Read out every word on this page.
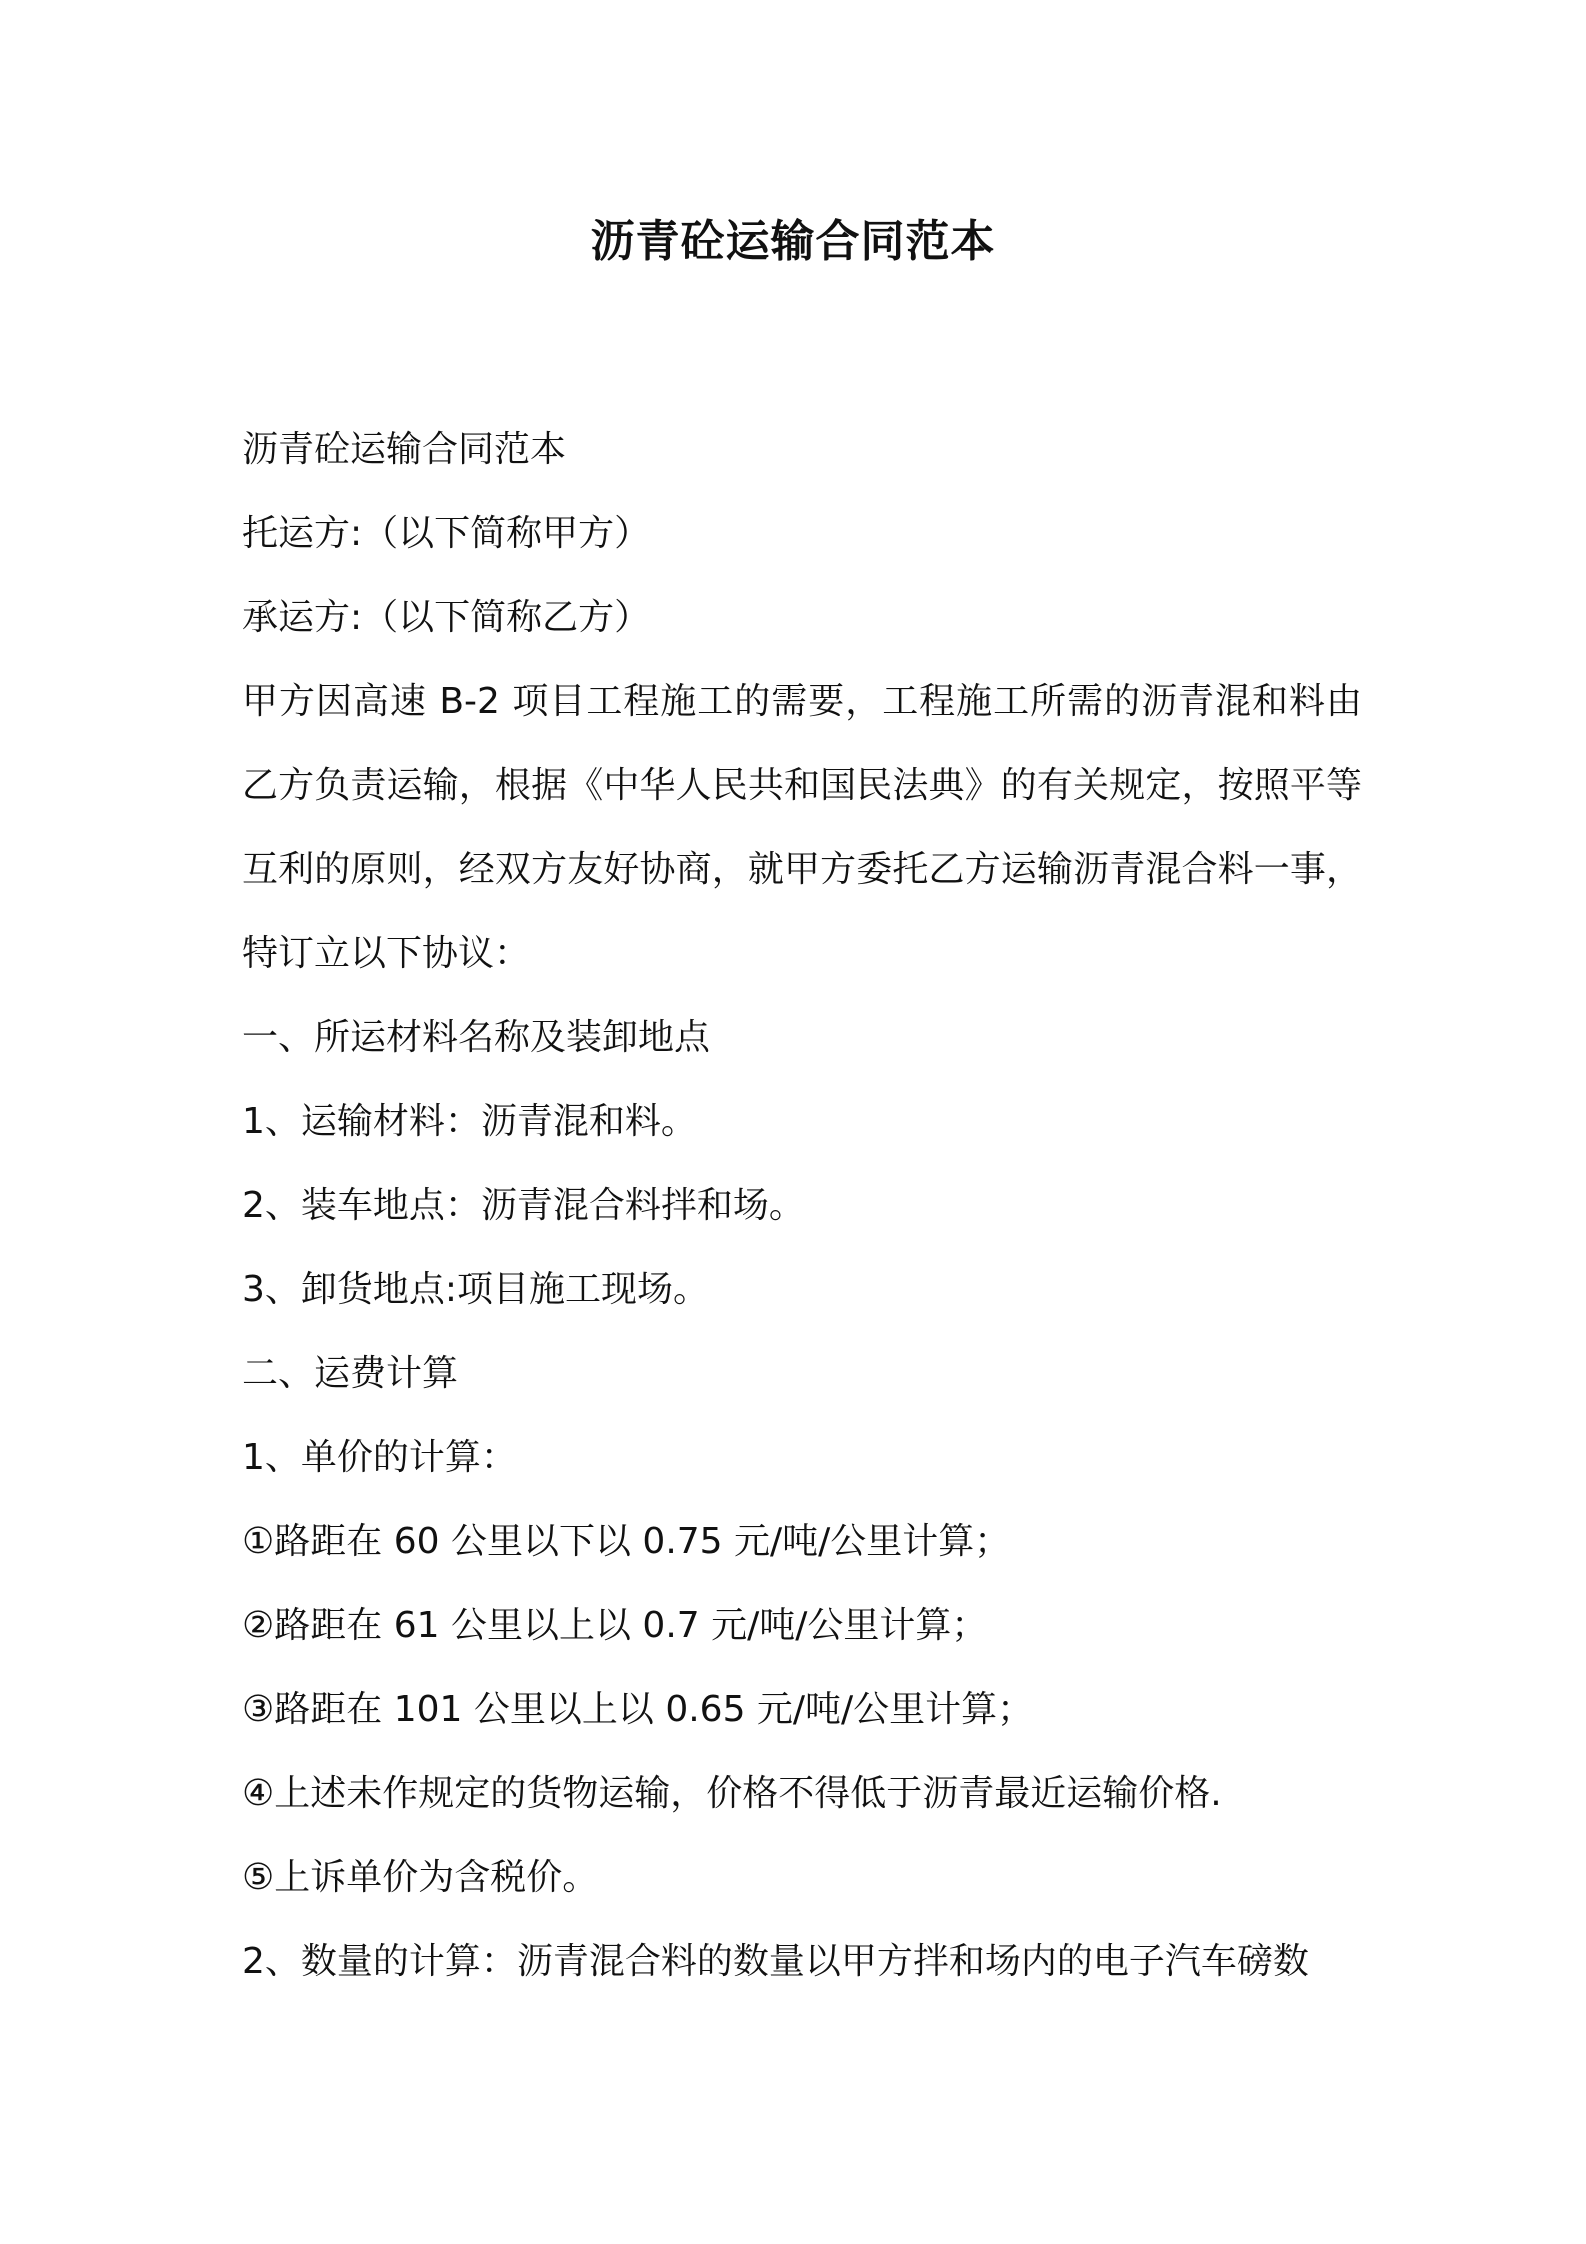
沥青砼运输合同范本

沥青砼运输合同范本

托运方:（以下简称甲方）

承运方:（以下简称乙方）

甲方因高速 B-2 项目工程施工的需要，工程施工所需的沥青混和料由乙方负责运输，根据《中华人民共和国民法典》的有关规定，按照平等互利的原则，经双方友好协商，就甲方委托乙方运输沥青混合料一事，特订立以下协议：

一、所运材料名称及装卸地点

1、运输材料：沥青混和料。

2、装车地点：沥青混合料拌和场。

3、卸货地点:项目施工现场。

二、运费计算

1、单价的计算：

①路距在 60 公里以下以 0.75 元/吨/公里计算；

②路距在 61 公里以上以 0.7 元/吨/公里计算；

③路距在 101 公里以上以 0.65 元/吨/公里计算；

④上述未作规定的货物运输，价格不得低于沥青最近运输价格.

⑤上诉单价为含税价。

2、数量的计算：沥青混合料的数量以甲方拌和场内的电子汽车磅数
